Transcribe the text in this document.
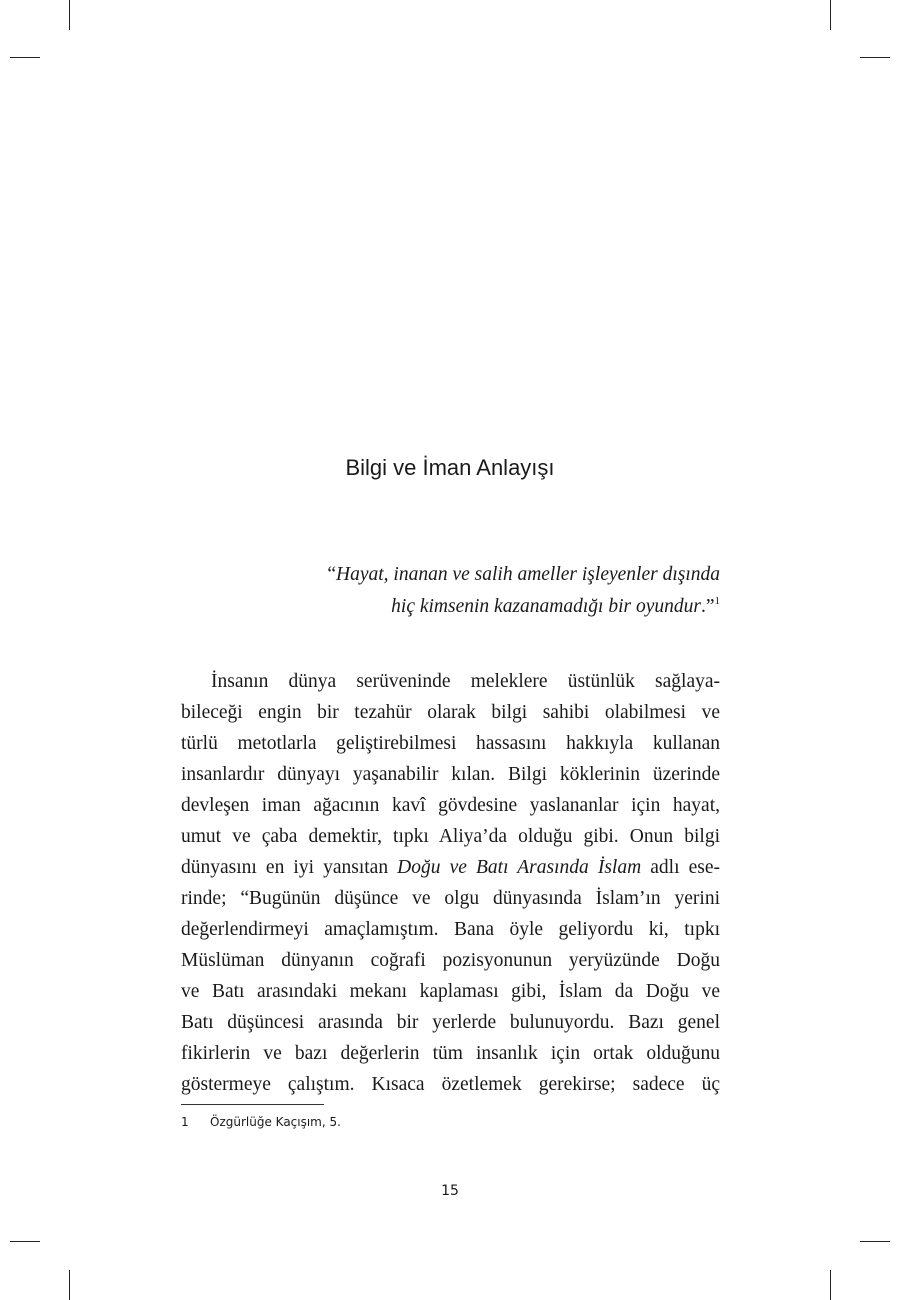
Bilgi ve İman Anlayışı
“Hayat, inanan ve salih ameller işleyenler dışında
hiç kimsenin kazanamadığı bir oyundur.”$^1$
İnsanın dünya serüveninde meleklere üstünlük sağlaya-
bileceği engin bir tezahür olarak bilgi sahibi olabilmesi ve
türlü metotlarla geliştirebilmesi hassasını hakkıyla kullanan
insanlardır dünyayı yaşanabilir kılan. Bilgi köklerinin üzerinde
devleşen iman ağacının kavî gövdesine yaslananlar için hayat,
umut ve çaba demektir, tıpkı Aliya’da olduğu gibi. Onun bilgi
dünyasını en iyi yansıtan Doğu ve Batı Arasında İslam adlı ese-
rinde; “Bugünün düşünce ve olgu dünyasında İslam’ın yerini
değerlendirmeyi amaçlamıştım. Bana öyle geliyordu ki, tıpkı
Müslüman dünyanın coğrafi pozisyonunun yeryüzünde Doğu
ve Batı arasındaki mekanı kaplaması gibi, İslam da Doğu ve
Batı düşüncesi arasında bir yerlerde bulunuyordu. Bazı genel
fikirlerin ve bazı değerlerin tüm insanlık için ortak olduğunu
göstermeye çalıştım. Kısaca özetlemek gerekirse; sadece üç
1 Özgürlüğe Kaçışım, 5.
15
